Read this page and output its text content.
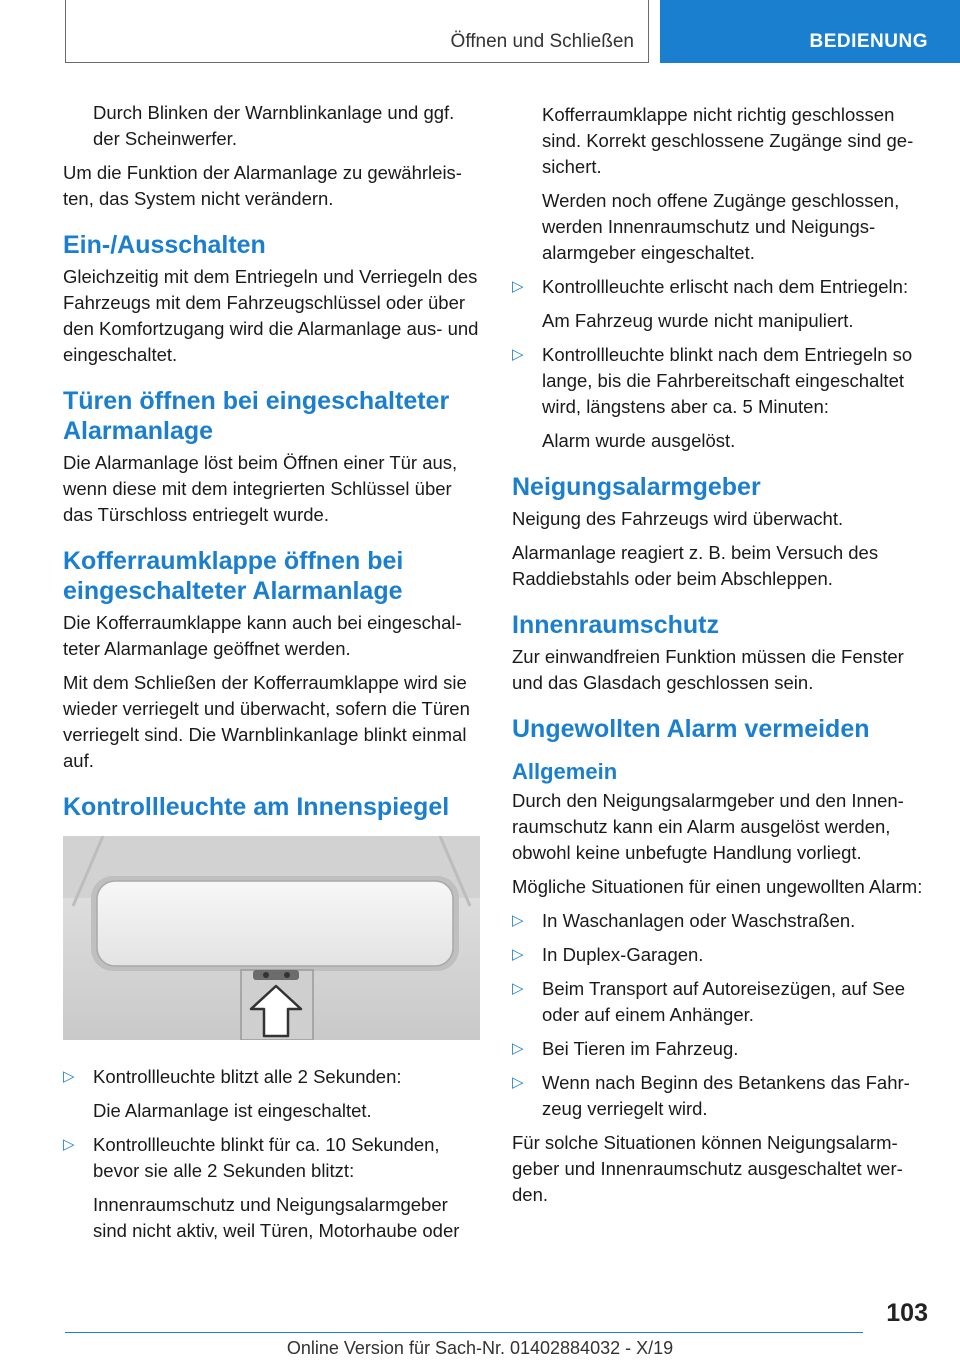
Öffnen und Schließen	BEDIENUNG

Durch Blinken der Warnblinkanlage und ggf. der Scheinwerfer.

Um die Funktion der Alarmanlage zu gewährleis- ten, das System nicht verändern.

Ein-/Ausschalten

Gleichzeitig mit dem Entriegeln und Verriegeln des Fahrzeugs mit dem Fahrzeugschlüssel oder über den Komfortzugang wird die Alarmanlage aus- und eingeschaltet.

Türen öffnen bei eingeschalteter Alarmanlage

Die Alarmanlage löst beim Öffnen einer Tür aus, wenn diese mit dem integrierten Schlüssel über das Türschloss entriegelt wurde.

Kofferraumklappe öffnen bei eingeschalteter Alarmanlage

Die Kofferraumklappe kann auch bei eingeschal- teter Alarmanlage geöffnet werden.

Mit dem Schließen der Kofferraumklappe wird sie wieder verriegelt und überwacht, sofern die Türen verriegelt sind. Die Warnblinkanlage blinkt einmal auf.

Kontrollleuchte am Innenspiegel
▷ Kontrollleuchte blitzt alle 2 Sekunden:

Die Alarmanlage ist eingeschaltet.

▷ Kontrollleuchte blinkt für ca. 10 Sekunden, bevor sie alle 2 Sekunden blitzt:

Innenraumschutz und Neigungsalarmgeber sind nicht aktiv, weil Türen, Motorhaube oder

Kofferraumklappe nicht richtig geschlossen sind. Korrekt geschlossene Zugänge sind ge- sichert.

Werden noch offene Zugänge geschlossen, werden Innenraumschutz und Neigungs- alarmgeber eingeschaltet.

▷ Kontrollleuchte erlischt nach dem Entriegeln:

Am Fahrzeug wurde nicht manipuliert.

▷ Kontrollleuchte blinkt nach dem Entriegeln so lange, bis die Fahrbereitschaft eingeschaltet wird, längstens aber ca. 5 Minuten:

Alarm wurde ausgelöst.

Neigungsalarmgeber

Neigung des Fahrzeugs wird überwacht.

Alarmanlage reagiert z. B. beim Versuch des Raddiebstahls oder beim Abschleppen.

Innenraumschutz

Zur einwandfreien Funktion müssen die Fenster und das Glasdach geschlossen sein.

Ungewollten Alarm vermeiden
Allgemein

Durch den Neigungsalarmgeber und den Innen- raumschutz kann ein Alarm ausgelöst werden, obwohl keine unbefugte Handlung vorliegt.

Mögliche Situationen für einen ungewollten Alarm:

▷ In Waschanlagen oder Waschstraßen.

▷ In Duplex-Garagen.

▷ Beim Transport auf Autoreisezügen, auf See oder auf einem Anhänger.

▷ Bei Tieren im Fahrzeug.

▷ Wenn nach Beginn des Betankens das Fahr- zeug verriegelt wird.

Für solche Situationen können Neigungsalarm- geber und Innenraumschutz ausgeschaltet wer- den.

103
Online Version für Sach-Nr. 01402884032 - X/19
